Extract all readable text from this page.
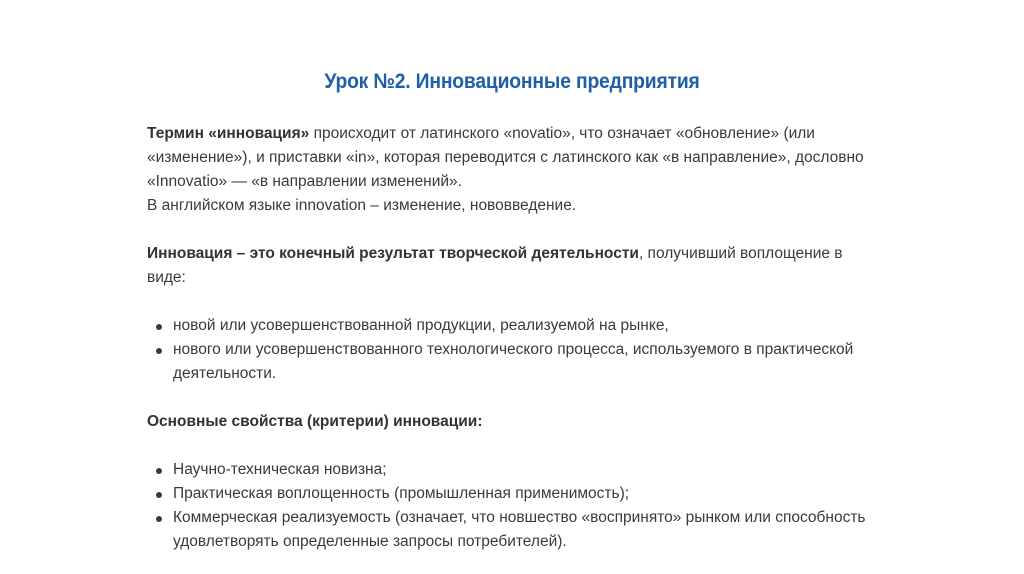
Урок №2. Инновационные предприятия

Термин «инновация» происходит от латинского «novatio», что означает «обновление» (или «изменение»), и приставки «in», которая переводится с латинского как «в направление», дословно «Innovatio» — «в направлении изменений».
В английском языке innovation – изменение, нововведение.

Инновация – это конечный результат творческой деятельности, получивший воплощение в виде:

новой или усовершенствованной продукции, реализуемой на рынке,
нового или усовершенствованного технологического процесса, используемого в практической деятельности.

Основные свойства (критерии) инновации:

Научно-техническая новизна;
Практическая воплощенность (промышленная применимость);
Коммерческая реализуемость (означает, что новшество «воспринято» рынком или способность удовлетворять определенные запросы потребителей).
